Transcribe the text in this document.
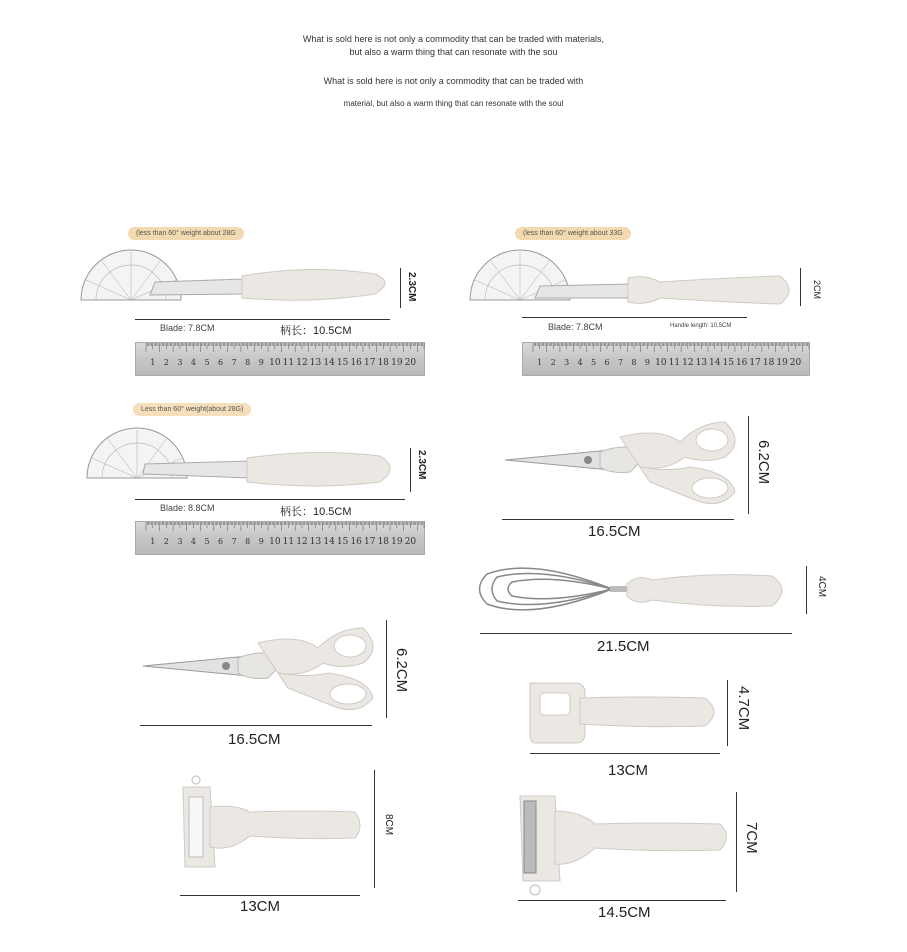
What is sold here is not only a commodity that can be traded with materials,
but also a warm thing that can resonate with the sou
What is sold here is not only a commodity that can be traded with
material, but also a warm thing that can resonate with the soul
(less than 60° weight about 28G
2.3CM
Blade: 7.8CM	柄长：10.5CM
1 2 3 4 5 6 7 8 9 10 11 12 13 14 15 16 17 18 19 20
(less than 60° weight about 33G
2CM
Blade: 7.8CM	Handle length: 10.5CM
1 2 3 4 5 6 7 8 9 10 11 12 13 14 15 16 17 18 19 20
Less than 60° weight(about 28G)
2.3CM
Blade: 8.8CM	柄长：10.5CM
1 2 3 4 5 6 7 8 9 10 11 12 13 14 15 16 17 18 19 20
6.2CM
16.5CM
4CM
21.5CM
6.2CM
16.5CM
4.7CM
13CM
8CM
13CM
7CM
14.5CM
